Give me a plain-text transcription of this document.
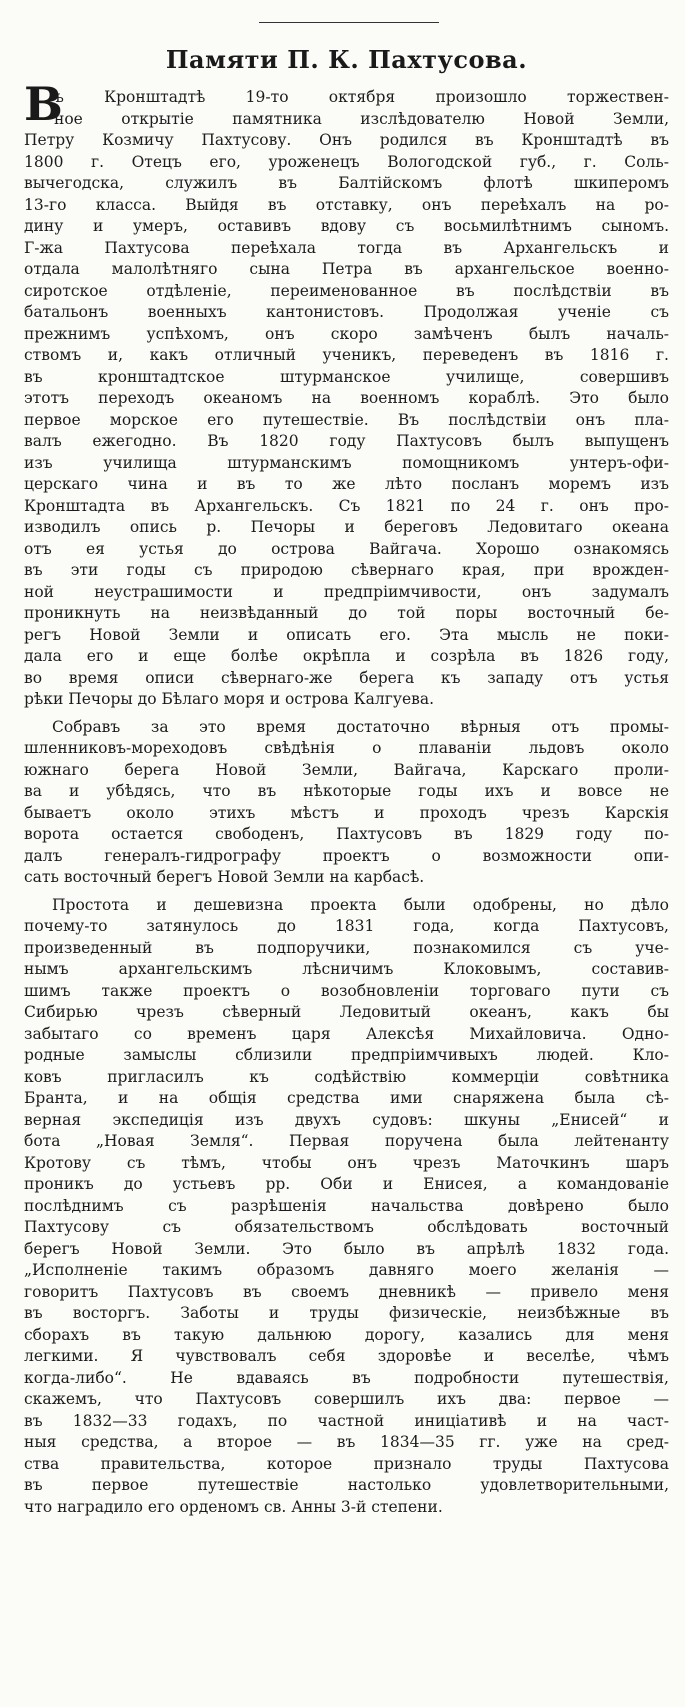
Памяти П. К. Пахтусова.
В
ъ Кронштадтѣ 19-то октября произошло торжествен-
ное открытіе памятника изслѣдователю Новой Земли,
Петру Козмичу Пахтусову. Онъ родился въ Кронштадтѣ въ
1800 г. Отецъ его, уроженецъ Вологодской губ., г. Соль-
вычегодска, служилъ въ Балтійскомъ флотѣ шкиперомъ
13-го класса. Выйдя въ отставку, онъ переѣхалъ на ро-
дину и умеръ, оставивъ вдову съ восьмилѣтнимъ сыномъ.
Г-жа Пахтусова переѣхала тогда въ Архангельскъ и
отдала малолѣтняго сына Петра въ архангельское военно-
сиротское отдѣленіе, переименованное въ послѣдствіи въ
батальонъ военныхъ кантонистовъ. Продолжая ученіе съ
прежнимъ успѣхомъ, онъ скоро замѣченъ былъ началь-
ствомъ и, какъ отличный ученикъ, переведенъ въ 1816 г.
въ кронштадтское штурманское училище, совершивъ
этотъ переходъ океаномъ на военномъ кораблѣ. Это было
первое морское его путешествіе. Въ послѣдствіи онъ пла-
валъ ежегодно. Въ 1820 году Пахтусовъ былъ выпущенъ
изъ училища штурманскимъ помощникомъ унтеръ-офи-
церскаго чина и въ то же лѣто посланъ моремъ изъ
Кронштадта въ Архангельскъ. Съ 1821 по 24 г. онъ про-
изводилъ опись р. Печоры и береговъ Ледовитаго океана
отъ ея устья до острова Вайгача. Хорошо ознакомясь
въ эти годы съ природою сѣвернаго края, при врожден-
ной неустрашимости и предпріимчивости, онъ задумалъ
проникнуть на неизвѣданный до той поры восточный бе-
регъ Новой Земли и описать его. Эта мысль не поки-
дала его и еще болѣе окрѣпла и созрѣла въ 1826 году,
во время описи сѣвернаго-же берега къ западу отъ устья
рѣки Печоры до Бѣлаго моря и острова Калгуева.
Собравъ за это время достаточно вѣрныя отъ промы-
шленниковъ-мореходовъ свѣдѣнія о плаваніи льдовъ около
южнаго берега Новой Земли, Вайгача, Карскаго проли-
ва и убѣдясь, что въ нѣкоторые годы ихъ и вовсе не
бываетъ около этихъ мѣстъ и проходъ чрезъ Карскія
ворота остается свободенъ, Пахтусовъ въ 1829 году по-
далъ генералъ-гидрографу проектъ о возможности опи-
сать восточный берегъ Новой Земли на карбасѣ.
Простота и дешевизна проекта были одобрены, но дѣло
почему-то затянулось до 1831 года, когда Пахтусовъ,
произведенный въ подпоручики, познакомился съ уче-
нымъ архангельскимъ лѣсничимъ Клоковымъ, составив-
шимъ также проектъ о возобновленіи торговаго пути съ
Сибирью чрезъ сѣверный Ледовитый океанъ, какъ бы
забытаго со временъ царя Алексѣя Михайловича. Одно-
родные замыслы сблизили предпріимчивыхъ людей. Кло-
ковъ пригласилъ къ содѣйствію коммерціи совѣтника
Бранта, и на общія средства ими снаряжена была сѣ-
верная экспедиція изъ двухъ судовъ: шкуны „Енисей“ и
бота „Новая Земля“. Первая поручена была лейтенанту
Кротову съ тѣмъ, чтобы онъ чрезъ Маточкинъ шаръ
проникъ до устьевъ рр. Оби и Енисея, а командованіе
послѣднимъ съ разрѣшенія начальства довѣрено было
Пахтусову съ обязательствомъ обслѣдовать восточный
берегъ Новой Земли. Это было въ апрѣлѣ 1832 года.
„Исполненіе такимъ образомъ давняго моего желанія —
говоритъ Пахтусовъ въ своемъ дневникѣ — привело меня
въ восторгъ. Заботы и труды физическіе, неизбѣжные въ
сборахъ въ такую дальнюю дорогу, казались для меня
легкими. Я чувствовалъ себя здоровѣе и веселѣе, чѣмъ
когда-либо“. Не вдаваясь въ подробности путешествія,
скажемъ, что Пахтусовъ совершилъ ихъ два: первое —
въ 1832—33 годахъ, по частной иниціативѣ и на част-
ныя средства, а второе — въ 1834—35 гг. уже на сред-
ства правительства, которое признало труды Пахтусова
въ первое путешествіе настолько удовлетворительными,
что наградило его орденомъ св. Анны 3-й степени.
